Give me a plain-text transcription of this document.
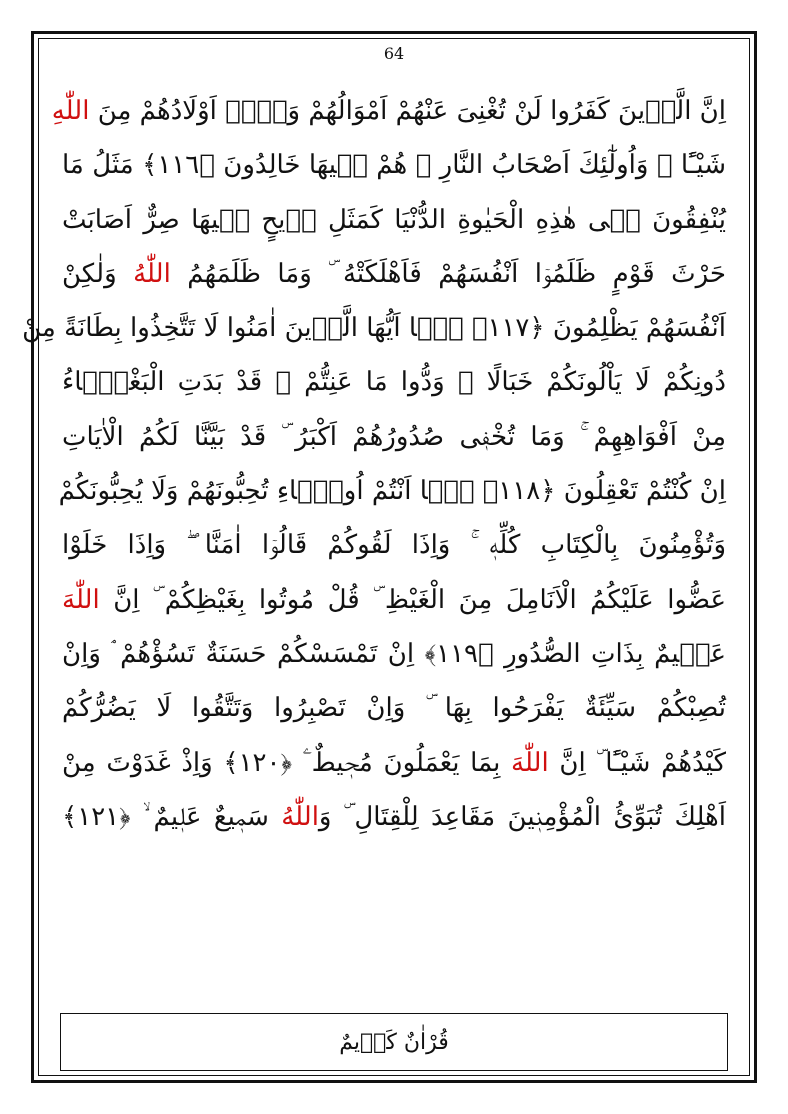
64
اِنَّ الَّذٖينَ كَفَرُوا لَنْ تُغْنِىَ عَنْهُمْ اَمْوَالُهُمْ وَلَاۤ اَوْلَادُهُمْ مِنَ اللّٰهِ
شَيْـًٔا ۜ وَاُولٰٓئِكَ اَصْحَابُ النَّارِ ۚ هُمْ فٖيهَا خَالِدُونَ ﴿١١٦﴾ مَثَلُ مَا
يُنْفِقُونَ فٖى هٰذِهِ الْحَيٰوةِ الدُّنْيَا كَمَثَلِ رٖيحٍ فٖيهَا صِرٌّ اَصَابَتْ
حَرْثَ قَوْمٍ ظَلَمُوۤا اَنْفُسَهُمْ فَاَهْلَكَتْهُ ۜ وَمَا ظَلَمَهُمُ اللّٰهُ وَلٰكِنْ
اَنْفُسَهُمْ يَظْلِمُونَ ﴿١١٧﴾ يَۤا اَيُّهَا الَّذٖينَ اٰمَنُوا لَا تَتَّخِذُوا بِطَانَةً مِنْ
دُونِكُمْ لَا يَاْلُونَكُمْ خَبَالًا ۜ وَدُّوا مَا عَنِتُّمْ ۚ قَدْ بَدَتِ الْبَغْضَۤاءُ
مِنْ اَفْوَاهِهِمْ ۚ وَمَا تُخْفٖى صُدُورُهُمْ اَكْبَرُ ۜ قَدْ بَيَّنَّا لَكُمُ الْاٰيَاتِ
اِنْ كُنْتُمْ تَعْقِلُونَ ﴿١١٨﴾ هَۤا اَنْتُمْ اُولَۤاءِ تُحِبُّونَهُمْ وَلَا يُحِبُّونَكُمْ
وَتُؤْمِنُونَ بِالْكِتَابِ كُلِّهٖ ۚ وَاِذَا لَقُوكُمْ قَالُوۤا اٰمَنَّا ۖ وَاِذَا خَلَوْا
عَضُّوا عَلَيْكُمُ الْاَنَامِلَ مِنَ الْغَيْظِ ۜ قُلْ مُوتُوا بِغَيْظِكُمْ ۜ اِنَّ اللّٰهَ
عَلٖيمٌ بِذَاتِ الصُّدُورِ ﴿١١٩﴾ اِنْ تَمْسَسْكُمْ حَسَنَةٌ تَسُؤْهُمْ ۘ وَاِنْ
تُصِبْكُمْ سَيِّئَةٌ يَفْرَحُوا بِهَا ۜ وَاِنْ تَصْبِرُوا وَتَتَّقُوا لَا يَضُرُّكُمْ
كَيْدُهُمْ شَيْـًٔا ۜ اِنَّ اللّٰهَ بِمَا يَعْمَلُونَ مُحٖيطٌ ۧ ﴿١٢٠﴾ وَاِذْ غَدَوْتَ مِنْ
اَهْلِكَ تُبَوِّئُ الْمُؤْمِنٖينَ مَقَاعِدَ لِلْقِتَالِ ۜ وَاللّٰهُ سَمٖيعٌ عَلٖيمٌ ۙ ﴿١٢١﴾
قُرْاٰنٌ كَرٖيمٌ
